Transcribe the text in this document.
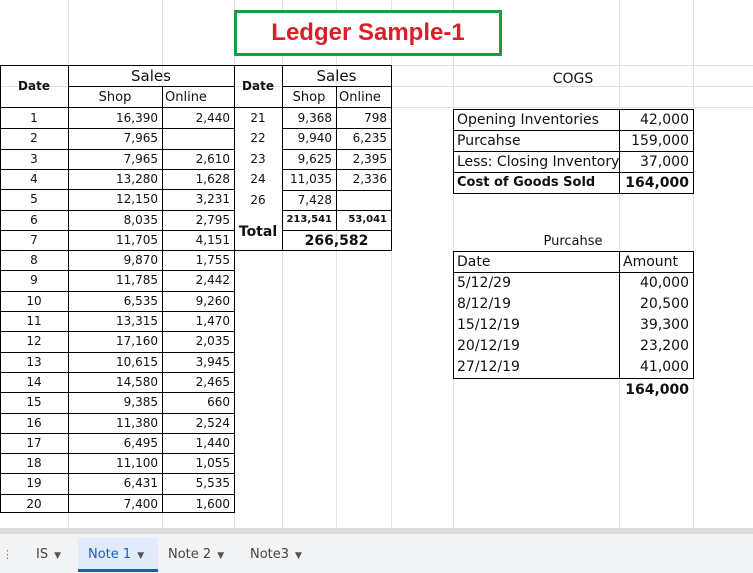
Ledger Sample-1
Date
Sales
Shop	Online
1	16,390	2,440
2	7,965
3	7,965	2,610
4	13,280	1,628
5	12,150	3,231
6	8,035	2,795
7	11,705	4,151
8	9,870	1,755
9	11,785	2,442
10	6,535	9,260
11	13,315	1,470
12	17,160	2,035
13	10,615	3,945
14	14,580	2,465
15	9,385	660
16	11,380	2,524
17	6,495	1,440
18	11,100	1,055
19	6,431	5,535
20	7,400	1,600
Date
Sales
Shop	Online
21	9,368	798
22	9,940	6,235
23	9,625	2,395
24	11,035	2,336
26	7,428
Total
213,541	53,041
266,582
COGS
Opening Inventories	42,000
Purcahse	159,000
Less: Closing Inventory	37,000
Cost of Goods Sold	164,000
Purcahse
Date	Amount
5/12/29	40,000
8/12/19	20,500
15/12/19	39,300
20/12/19	23,200
27/12/19	41,000
164,000
⋮	IS ▼	Note 1 ▼	Note 2 ▼	Note3 ▼
